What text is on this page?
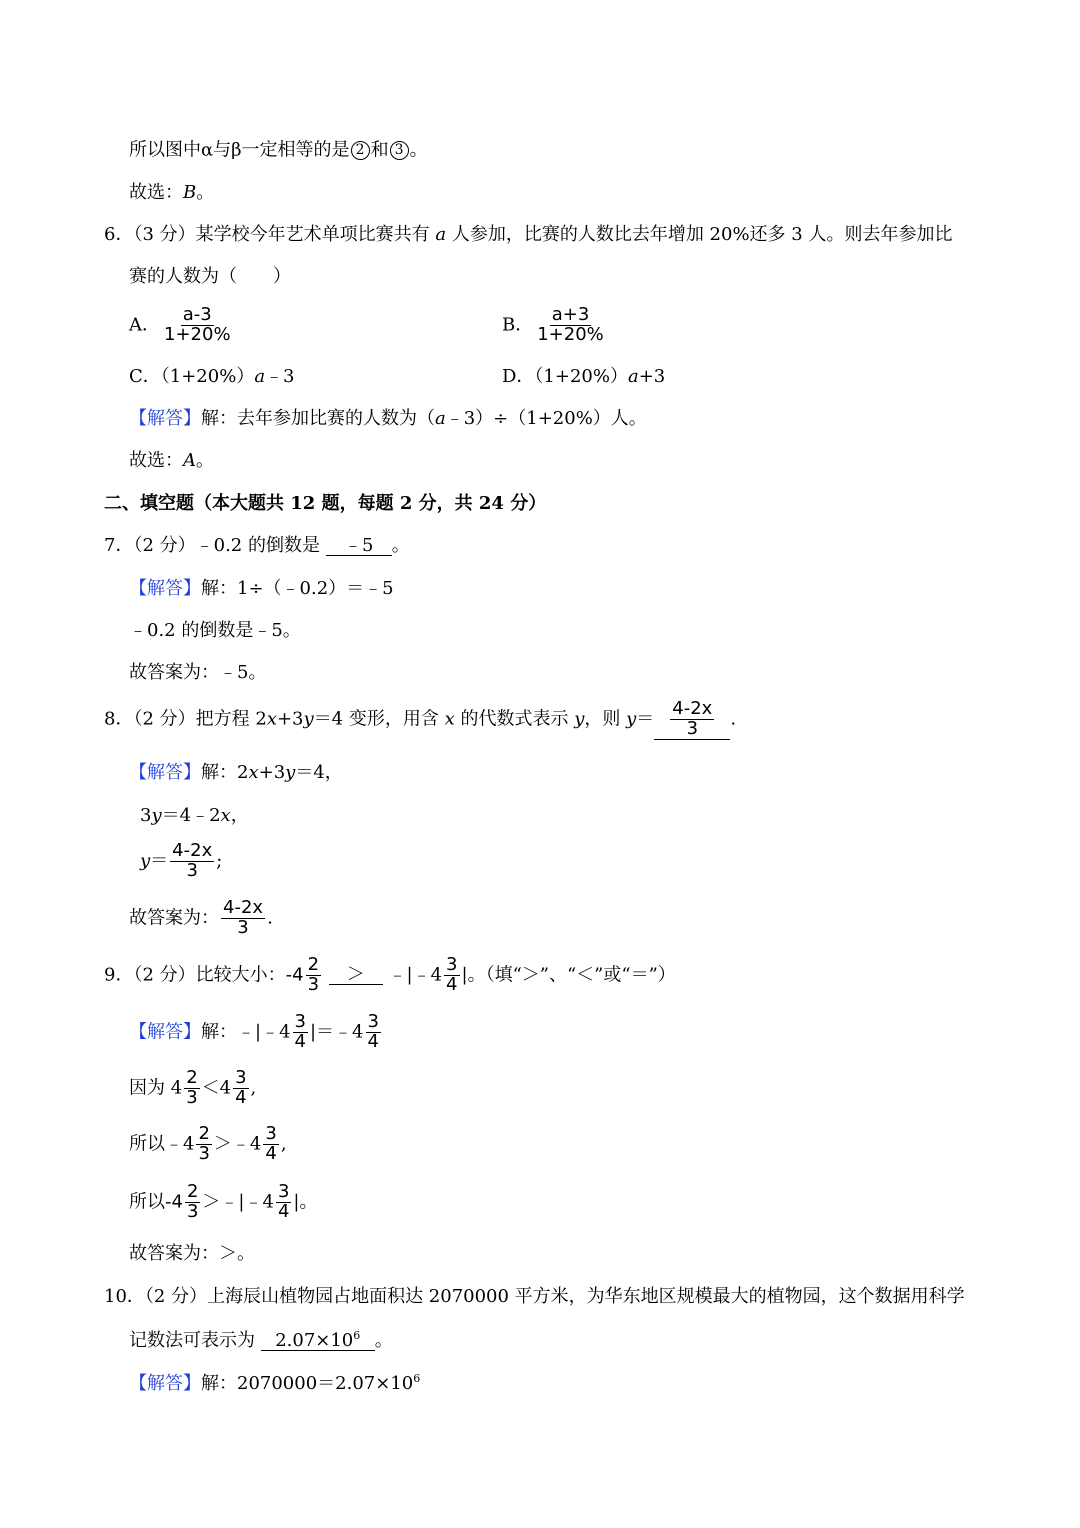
所以图中α与β一定相等的是 2 和 3 。
故选：B。
6．（3 分）某学校今年艺术单项比赛共有 a 人参加，比赛的人数比去年增加 20%还多 3 人。则去年参加比
赛的人数为（　　）
A． $\frac{a-3}{1+20\%}$	B． $\frac{a+3}{1+20\%}$
C．（1+20%）a﹣3	D．（1+20%）a+3
【解答】解：去年参加比赛的人数为（a﹣3）÷（1+20%）人。
故选：A。
二、填空题（本大题共 12 题，每题 2 分，共 24 分）
7．（2 分）﹣0.2 的倒数是 ﹣5 。
【解答】解：1÷（﹣0.2）＝﹣5
﹣0.2 的倒数是﹣5。
故答案为：﹣5。
8．（2 分）把方程 2x+3y＝4 变形，用含 x 的代数式表示 y，则 $y= \frac{4-2x}{3}$ .
【解答】解：2x+3y＝4，
3y＝4﹣2x，
$y= \frac{4-2x}{3}$ ;
故答案为： $\frac{4-2x}{3}$ .
9．（2 分）比较大小：$-4 \frac{2}{3}$ ＞ ﹣|﹣4 $\frac{3}{4}$ |。（填“＞”、“＜”或“＝”）
【解答】解：﹣|﹣4 $\frac{3}{4}$ |＝﹣4 $\frac{3}{4}$
因为 $4 \frac{2}{3} <4 \frac{3}{4}$ ,
所以﹣4 $\frac{2}{3}$ ＞﹣4 $\frac{3}{4}$ ,
所以$-4 \frac{2}{3}$ ＞﹣|﹣4 $\frac{3}{4}$ |。
故答案为：＞。
10．（2 分）上海辰山植物园占地面积达 2070000 平方米，为华东地区规模最大的植物园，这个数据用科学
记数法可表示为 $2.07\times 10^6$ 。
【解答】解：$2070000=2.07\times 10^6$
